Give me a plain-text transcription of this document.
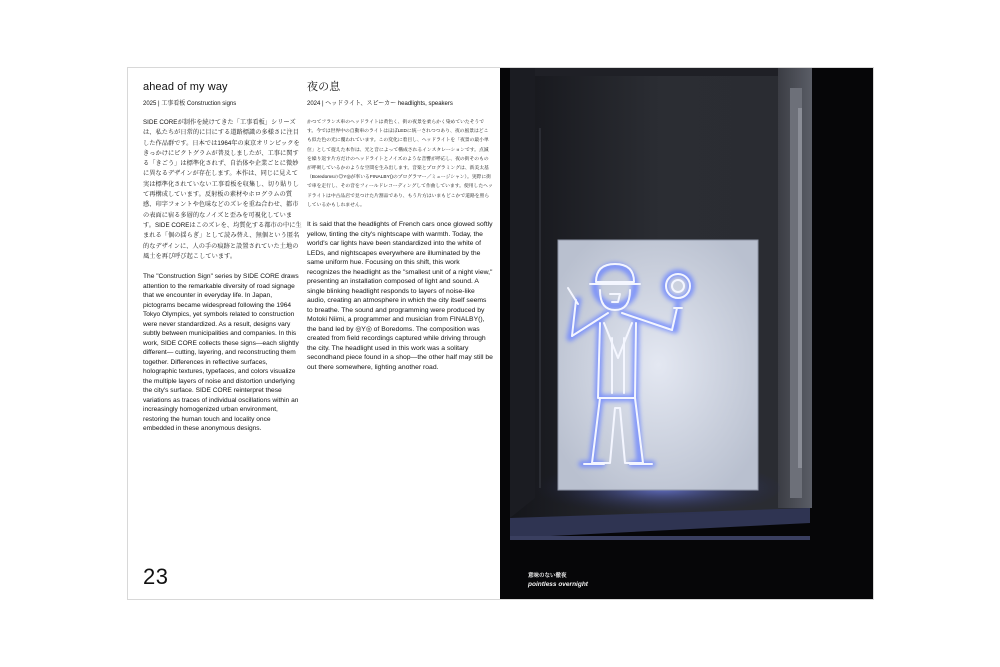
ahead of my way
2025 | 工事看板 Construction signs

SIDE COREが制作を続けてきた「工事看板」シリーズは、私たちが日常的に目にする道路標識の多様さに注目した作品群です。日本では1964年の東京オリンピックをきっかけにピクトグラムが普及しましたが、工事に関する「きごう」は標準化されず、自治体や企業ごとに微妙に異なるデザインが存在します。本作は、同じに見えて実は標準化されていない工事看板を収集し、切り貼りして再構成しています。反射板の素材やホログラムの質感、印字フォントや色味などのズレを重ね合わせ、都市の表面に宿る多層的なノイズと歪みを可視化しています。SIDE COREはこのズレを、均質化する都市の中に生まれる「個の揺らぎ」として読み替え、無個という匿名的なデザインに、人の手の痕跡と設置されていた土地の風土を再び呼び起こしています。

The "Construction Sign" series by SIDE CORE draws attention to the remarkable diversity of road signage that we encounter in everyday life. In Japan, pictograms became widespread following the 1964 Tokyo Olympics, yet symbols related to construction were never standardized. As a result, designs vary subtly between municipalities and companies. In this work, SIDE CORE collects these signs—each slightly different— cutting, layering, and reconstructing them together. Differences in reflective surfaces, holographic textures, typefaces, and colors visualize the multiple layers of noise and distortion underlying the city's surface. SIDE CORE reinterpret these variations as traces of individual oscillations within an increasingly homogenized urban environment, restoring the human touch and locality once embedded in these anonymous designs.

夜の息
2024 | ヘッドライト、スピーカー headlights, speakers

かつてフランス車のヘッドライトは黄色く、街の夜景を柔らかく染めていたそうです。今では世界中の自動車のライトはほぼLEDに統一されつつあり、夜の風景はどこも似た色の光に覆われています。この変化に着目し、ヘッドライトを「夜景の最小単位」として捉えた本作は、光と音によって構成されるインスタレーションです。点滅を繰り返す片方だけのヘッドライトとノイズのような音響が呼応し、夜の街そのものが呼吸しているかのような空間を生み出します。音楽とプログラミングは、新美太基（Boredomsの◎Y◎が率いるFINALBY()のプログラマー／ミュージシャン）。実際に街で車を走行し、その音をフィールドレコーディングして作曲しています。使用したヘッドライトは中古品店で見つけた片割品であり、もう片方はいまもどこかで道路を照らしているかもしれません。

It is said that the headlights of French cars once glowed softly yellow, tinting the city's nightscape with warmth. Today, the world's car lights have been standardized into the white of LEDs, and nightscapes everywhere are illuminated by the same uniform hue. Focusing on this shift, this work recognizes the headlight as the "smallest unit of a night view," presenting an installation composed of light and sound. A single blinking headlight responds to layers of noise-like audio, creating an atmosphere in which the city itself seems to breathe. The sound and programming were produced by Motoki Niimi, a programmer and musician from FINALBY(), the band led by ◎Y◎ of Boredoms. The composition was created from field recordings captured while driving through the city. The headlight used in this work was a solitary secondhand piece found in a shop—the other half may still be out there somewhere, lighting another road.

23	意味のない徹夜
pointless overnight
